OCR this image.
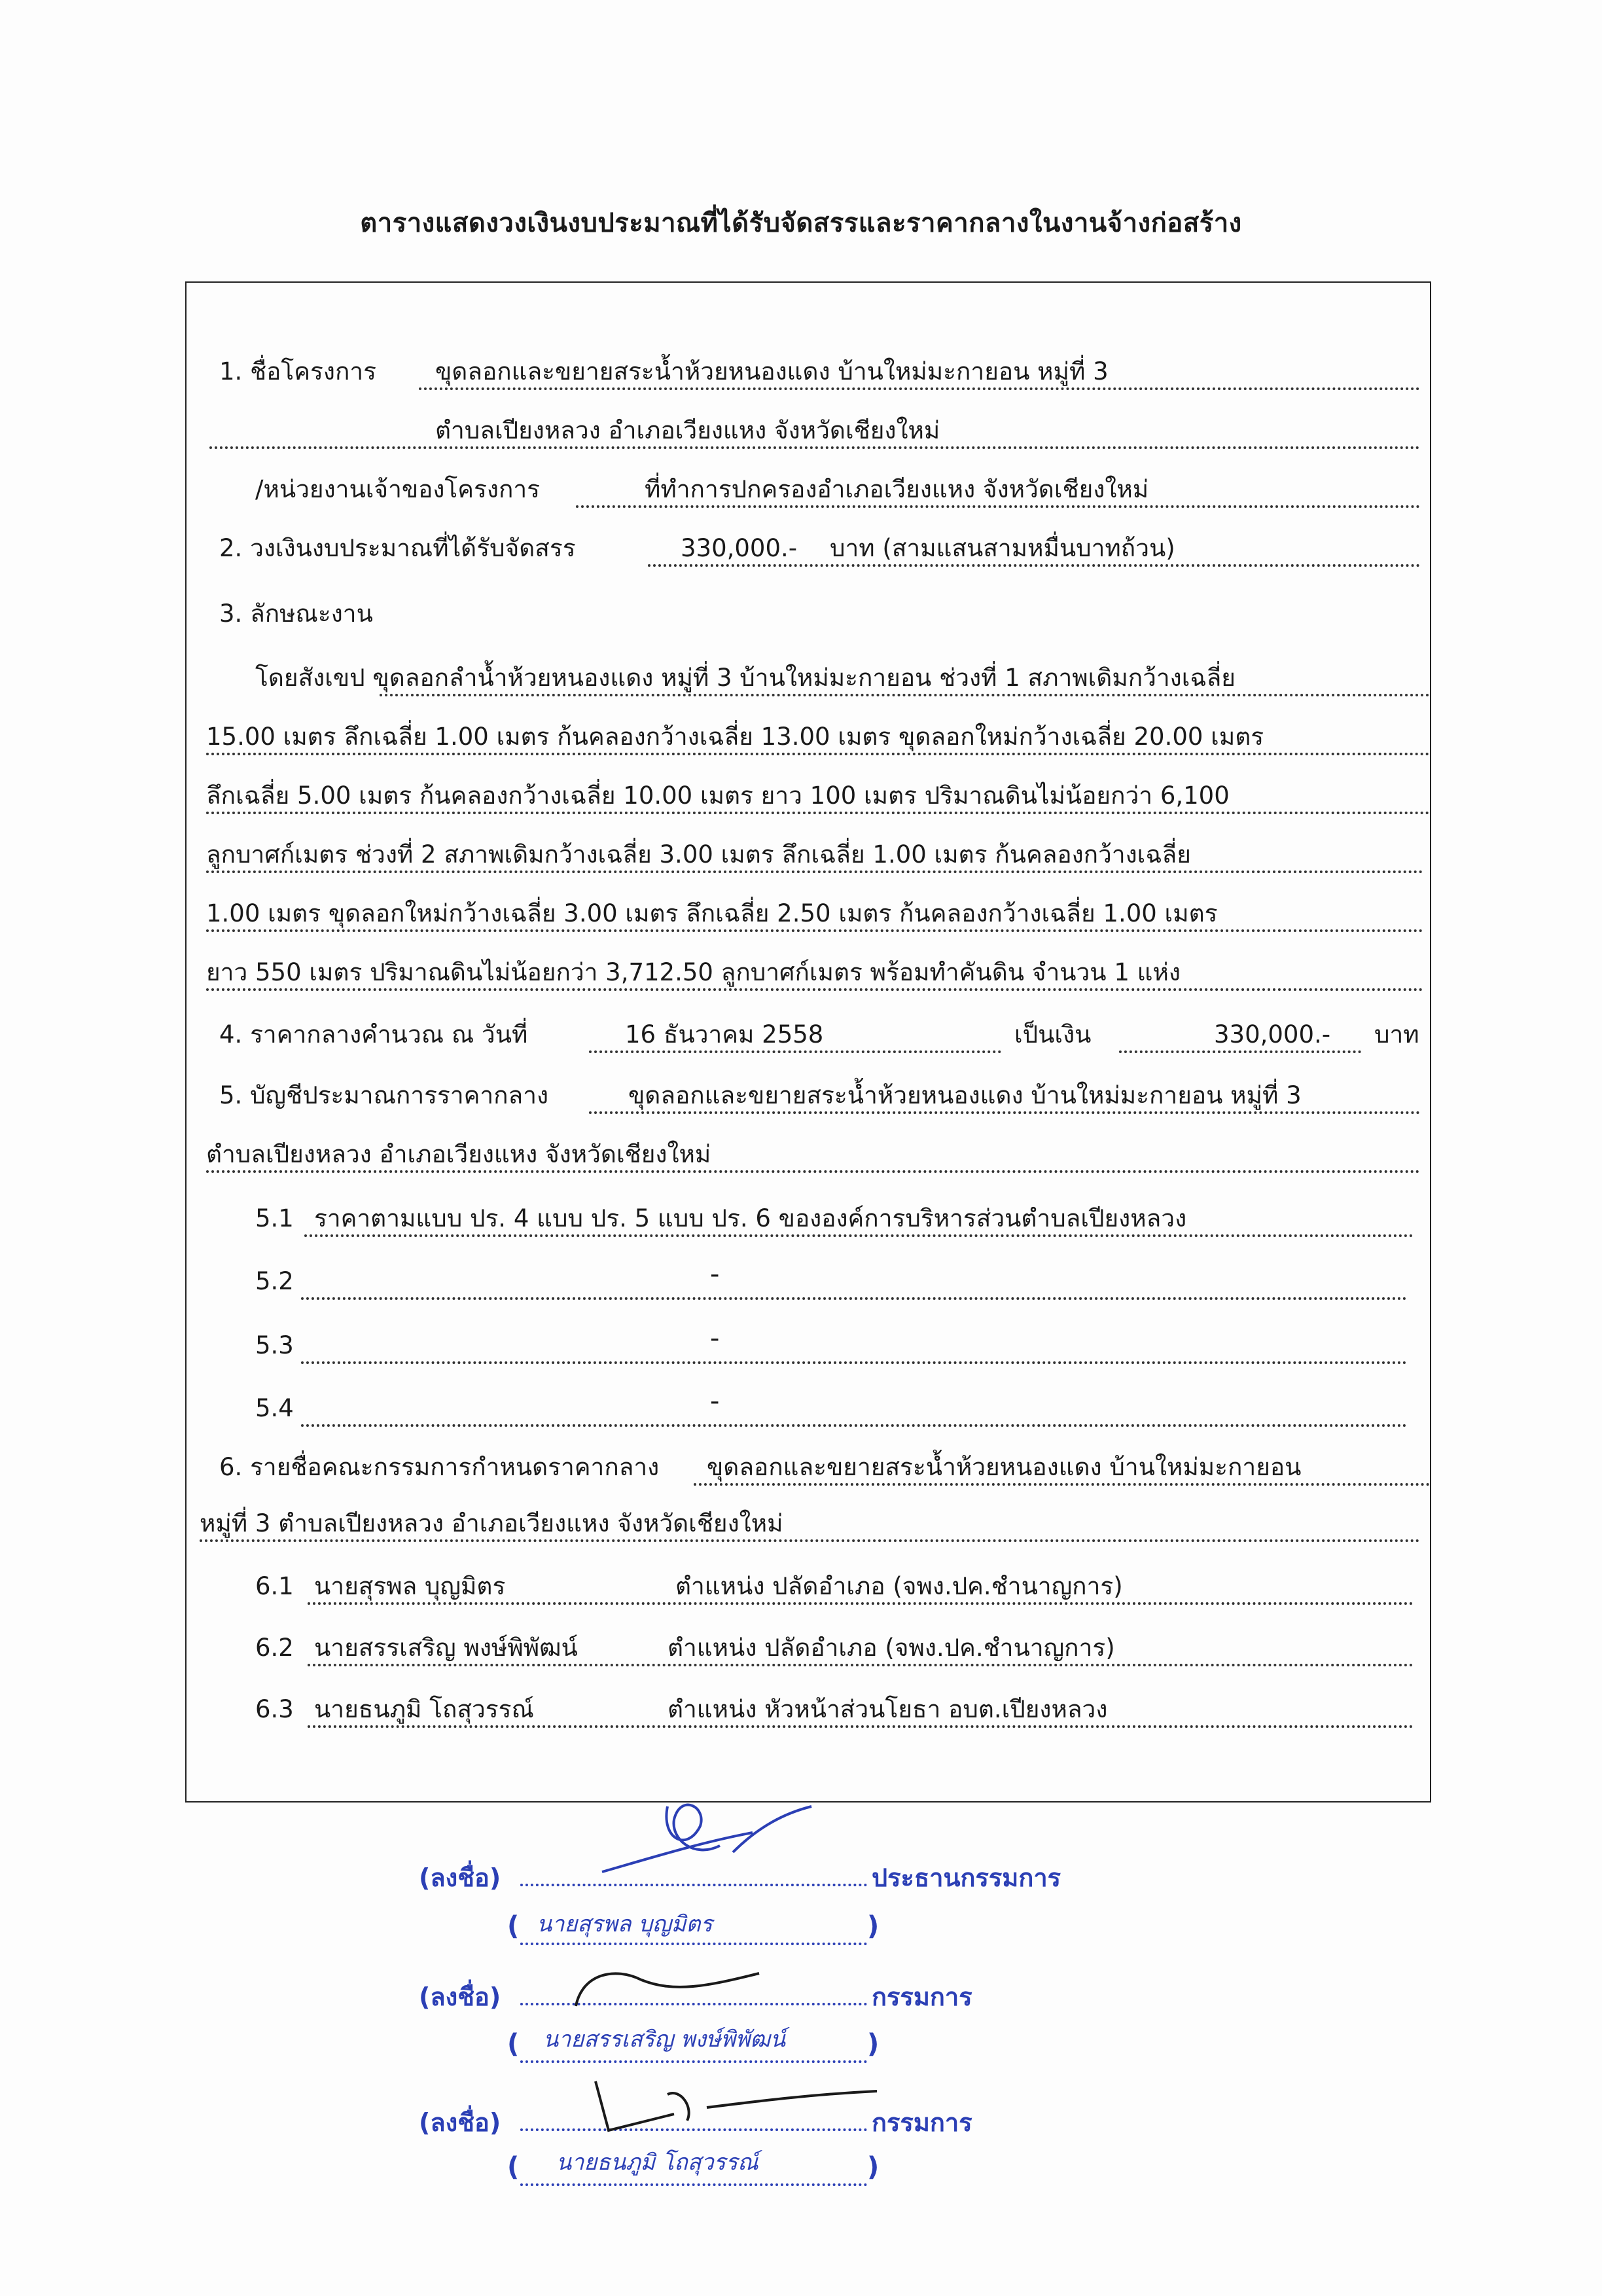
ตารางแสดงวงเงินงบประมาณที่ได้รับจัดสรรและราคากลางในงานจ้างก่อสร้าง
1. ชื่อโครงการ ขุดลอกและขยายสระน้ำห้วยหนองแดง บ้านใหม่มะกายอน หมู่ที่ 3
ตำบลเปียงหลวง อำเภอเวียงแหง จังหวัดเชียงใหม่
/หน่วยงานเจ้าของโครงการ	ที่ทำการปกครองอำเภอเวียงแหง จังหวัดเชียงใหม่
2. วงเงินงบประมาณที่ได้รับจัดสรร	330,000.- บาท (สามแสนสามหมื่นบาทถ้วน)
3. ลักษณะงาน
โดยสังเขป ขุดลอกลำน้ำห้วยหนองแดง หมู่ที่ 3 บ้านใหม่มะกายอน ช่วงที่ 1 สภาพเดิมกว้างเฉลี่ย
15.00 เมตร ลึกเฉลี่ย 1.00 เมตร ก้นคลองกว้างเฉลี่ย 13.00 เมตร ขุดลอกใหม่กว้างเฉลี่ย 20.00 เมตร
ลึกเฉลี่ย 5.00 เมตร ก้นคลองกว้างเฉลี่ย 10.00 เมตร ยาว 100 เมตร ปริมาณดินไม่น้อยกว่า 6,100
ลูกบาศก์เมตร ช่วงที่ 2 สภาพเดิมกว้างเฉลี่ย 3.00 เมตร ลึกเฉลี่ย 1.00 เมตร ก้นคลองกว้างเฉลี่ย
1.00 เมตร ขุดลอกใหม่กว้างเฉลี่ย 3.00 เมตร ลึกเฉลี่ย 2.50 เมตร ก้นคลองกว้างเฉลี่ย 1.00 เมตร
ยาว 550 เมตร ปริมาณดินไม่น้อยกว่า 3,712.50 ลูกบาศก์เมตร พร้อมทำคันดิน จำนวน 1 แห่ง
4. ราคากลางคำนวณ ณ วันที่	16 ธันวาคม 2558	เป็นเงิน	330,000.- บาท
5. บัญชีประมาณการราคากลาง	ขุดลอกและขยายสระน้ำห้วยหนองแดง บ้านใหม่มะกายอน หมู่ที่ 3
ตำบลเปียงหลวง อำเภอเวียงแหง จังหวัดเชียงใหม่
5.1 ราคาตามแบบ ปร. 4 แบบ ปร. 5 แบบ ปร. 6 ขององค์การบริหารส่วนตำบลเปียงหลวง
5.2	-
5.3	-
5.4	-
6. รายชื่อคณะกรรมการกำหนดราคากลาง ขุดลอกและขยายสระน้ำห้วยหนองแดง บ้านใหม่มะกายอน
หมู่ที่ 3 ตำบลเปียงหลวง อำเภอเวียงแหง จังหวัดเชียงใหม่
6.1 นายสุรพล บุญมิตร	ตำแหน่ง ปลัดอำเภอ (จพง.ปค.ชำนาญการ)
6.2 นายสรรเสริญ พงษ์พิพัฒน์	ตำแหน่ง ปลัดอำเภอ (จพง.ปค.ชำนาญการ)
6.3 นายธนภูมิ โถสุวรรณ์	ตำแหน่ง หัวหน้าส่วนโยธา อบต.เปียงหลวง
(ลงชื่อ)	ประธานกรรมการ
(	)
นายสุรพล บุญมิตร
(ลงชื่อ)	กรรมการ
(	)
นายสรรเสริญ พงษ์พิพัฒน์
(ลงชื่อ)	กรรมการ
(	)
นายธนภูมิ โถสุวรรณ์
